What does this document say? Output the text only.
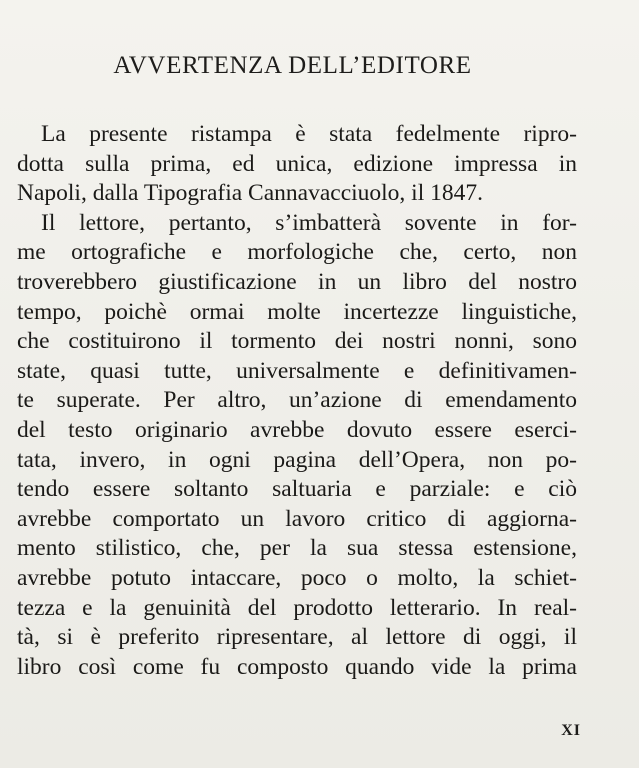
AVVERTENZA DELL’EDITORE
La presente ristampa è stata fedelmente ripro-
dotta sulla prima, ed unica, edizione impressa in
Napoli, dalla Tipografia Cannavacciuolo, il 1847.
Il lettore, pertanto, s’imbatterà sovente in for-
me ortografiche e morfologiche che, certo, non
troverebbero giustificazione in un libro del nostro
tempo, poichè ormai molte incertezze linguistiche,
che costituirono il tormento dei nostri nonni, sono
state, quasi tutte, universalmente e definitivamen-
te superate. Per altro, un’azione di emendamento
del testo originario avrebbe dovuto essere eserci-
tata, invero, in ogni pagina dell’Opera, non po-
tendo essere soltanto saltuaria e parziale: e ciò
avrebbe comportato un lavoro critico di aggiorna-
mento stilistico, che, per la sua stessa estensione,
avrebbe potuto intaccare, poco o molto, la schiet-
tezza e la genuinità del prodotto letterario. In real-
tà, si è preferito ripresentare, al lettore di oggi, il
libro così come fu composto quando vide la prima
XI
